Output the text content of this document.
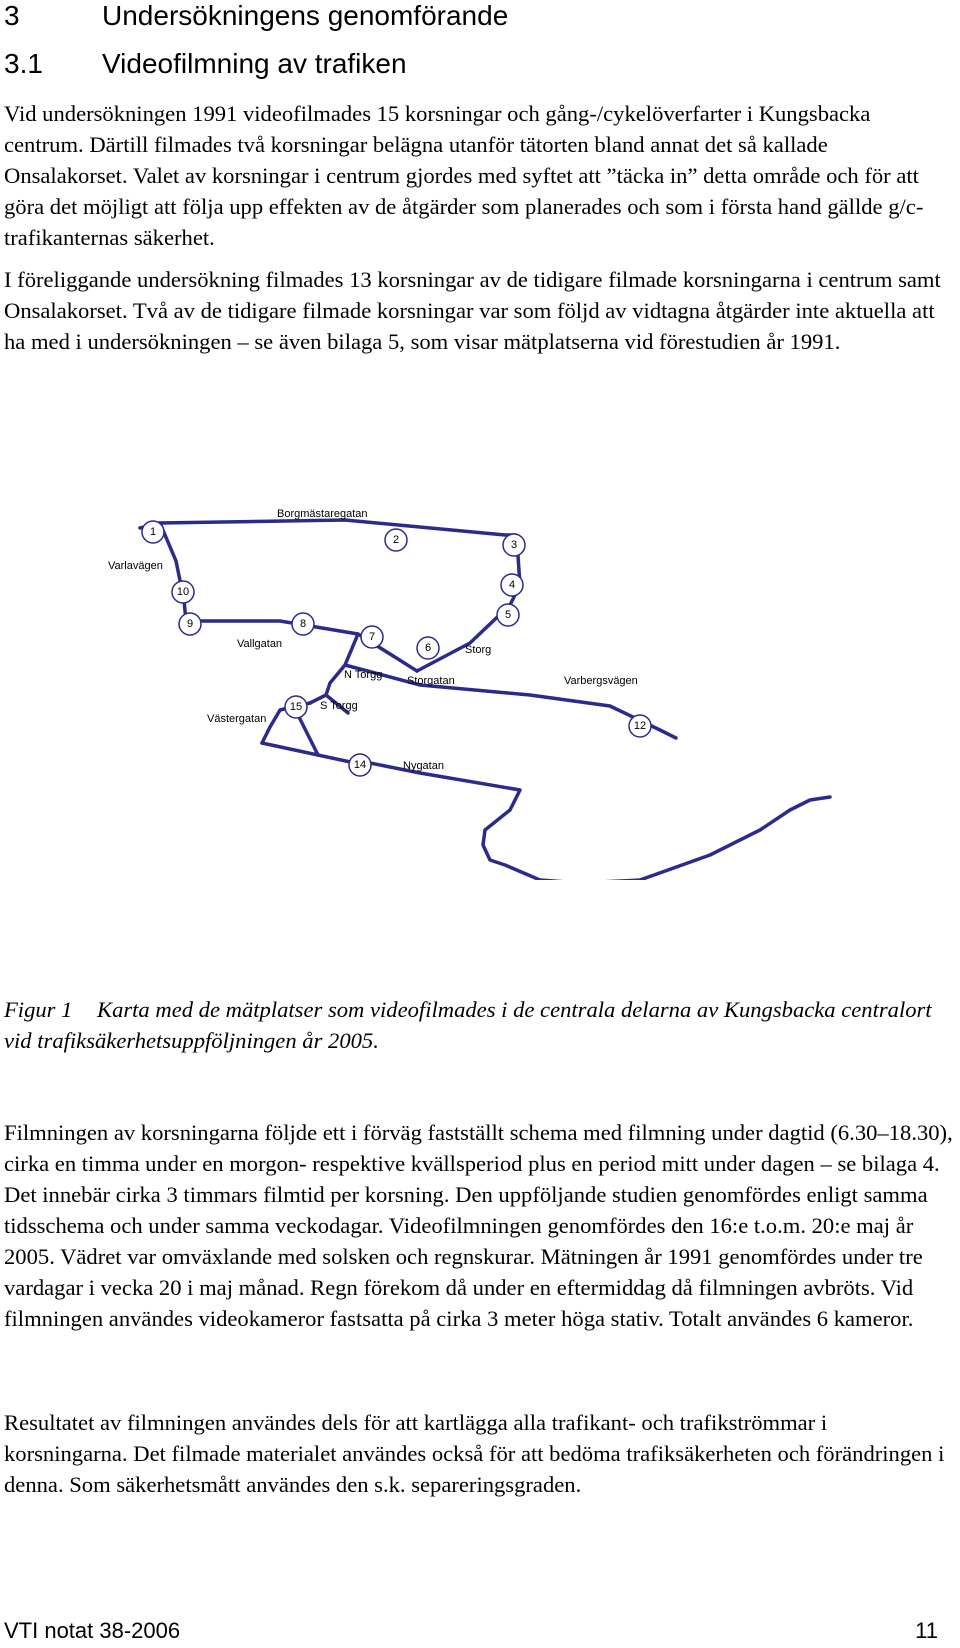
3	Undersökningens genomförande
3.1 Videofilmning av trafiken

Vid undersökningen 1991 videofilmades 15 korsningar och gång-/cykelöverfarter i Kungsbacka centrum. Därtill filmades två korsningar belägna utanför tätorten bland annat det så kallade Onsalakorset. Valet av korsningar i centrum gjordes med syftet att ”täcka in” detta område och för att göra det möjligt att följa upp effekten av de åtgärder som planerades och som i första hand gällde g/c-trafikanternas säkerhet.

I föreliggande undersökning filmades 13 korsningar av de tidigare filmade korsningarna i centrum samt Onsalakorset. Två av de tidigare filmade korsningar var som följd av vidtagna åtgärder inte aktuella att ha med i undersökningen – se även bilaga 5, som visar mätplatserna vid förestudien år 1991.

1
2	3
4
5
6
7
8
9
10
12
14
15
Borgmästaregatan
Varlavägen
Vallgatan	Storg
N Torgg Storgatan	Varbergsvägen
S Torgg
Västergatan
Nygatan

Figur 1 Karta med de mätplatser som videofilmades i de centrala delarna av Kungsbacka centralort vid trafiksäkerhetsuppföljningen år 2005.

Filmningen av korsningarna följde ett i förväg fastställt schema med filmning under dagtid (6.30–18.30), cirka en timma under en morgon- respektive kvällsperiod plus en period mitt under dagen – se bilaga 4. Det innebär cirka 3 timmars filmtid per korsning. Den uppföljande studien genomfördes enligt samma tidsschema och under samma veckodagar. Videofilmningen genomfördes den 16:e t.o.m. 20:e maj år 2005. Vädret var omväxlande med solsken och regnskurar. Mätningen år 1991 genomfördes under tre vardagar i vecka 20 i maj månad. Regn förekom då under en eftermiddag då filmningen avbröts. Vid filmningen användes videokameror fastsatta på cirka 3 meter höga stativ. Totalt användes 6 kameror.

Resultatet av filmningen användes dels för att kartlägga alla trafikant- och trafikströmmar i korsningarna. Det filmade materialet användes också för att bedöma trafiksäkerheten och förändringen i denna. Som säkerhetsmått användes den s.k. separeringsgraden.

VTI notat 38-2006	11
